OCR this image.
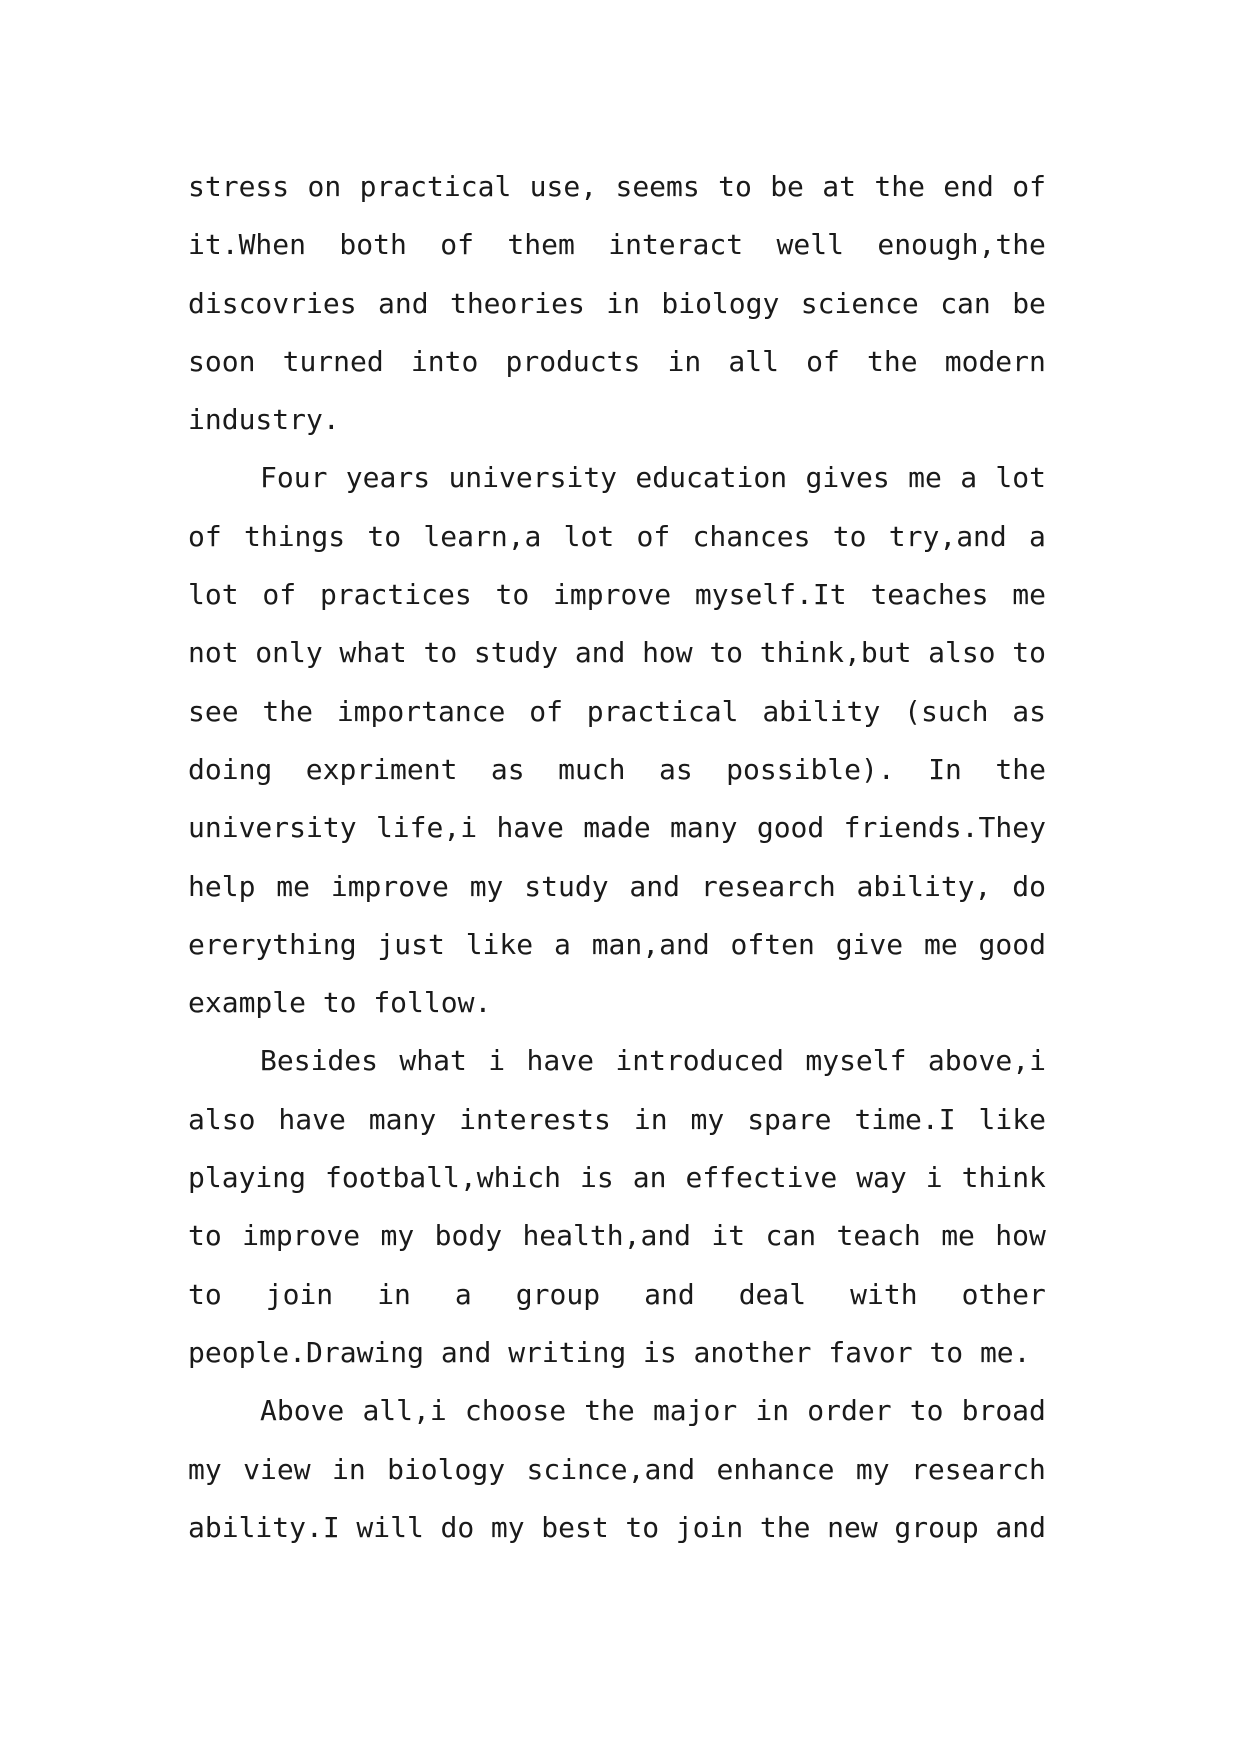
stress on practical use, seems to be at the end of
it.When both of them interact well enough,the
discovries and theories in biology science can be
soon turned into products in all of the modern
industry.
Four years university education gives me a lot
of things to learn,a lot of chances to try,and a
lot of practices to improve myself.It teaches me
not only what to study and how to think,but also to
see the importance of practical ability (such as
doing expriment as much as possible). In the
university life,i have made many good friends.They
help me improve my study and research ability, do
ererything just like a man,and often give me good
example to follow.
Besides what i have introduced myself above,i
also have many interests in my spare time.I like
playing football,which is an effective way i think
to improve my body health,and it can teach me how
to join in a group and deal with other
people.Drawing and writing is another favor to me.
Above all,i choose the major in order to broad
my view in biology scince,and enhance my research
ability.I will do my best to join the new group and
